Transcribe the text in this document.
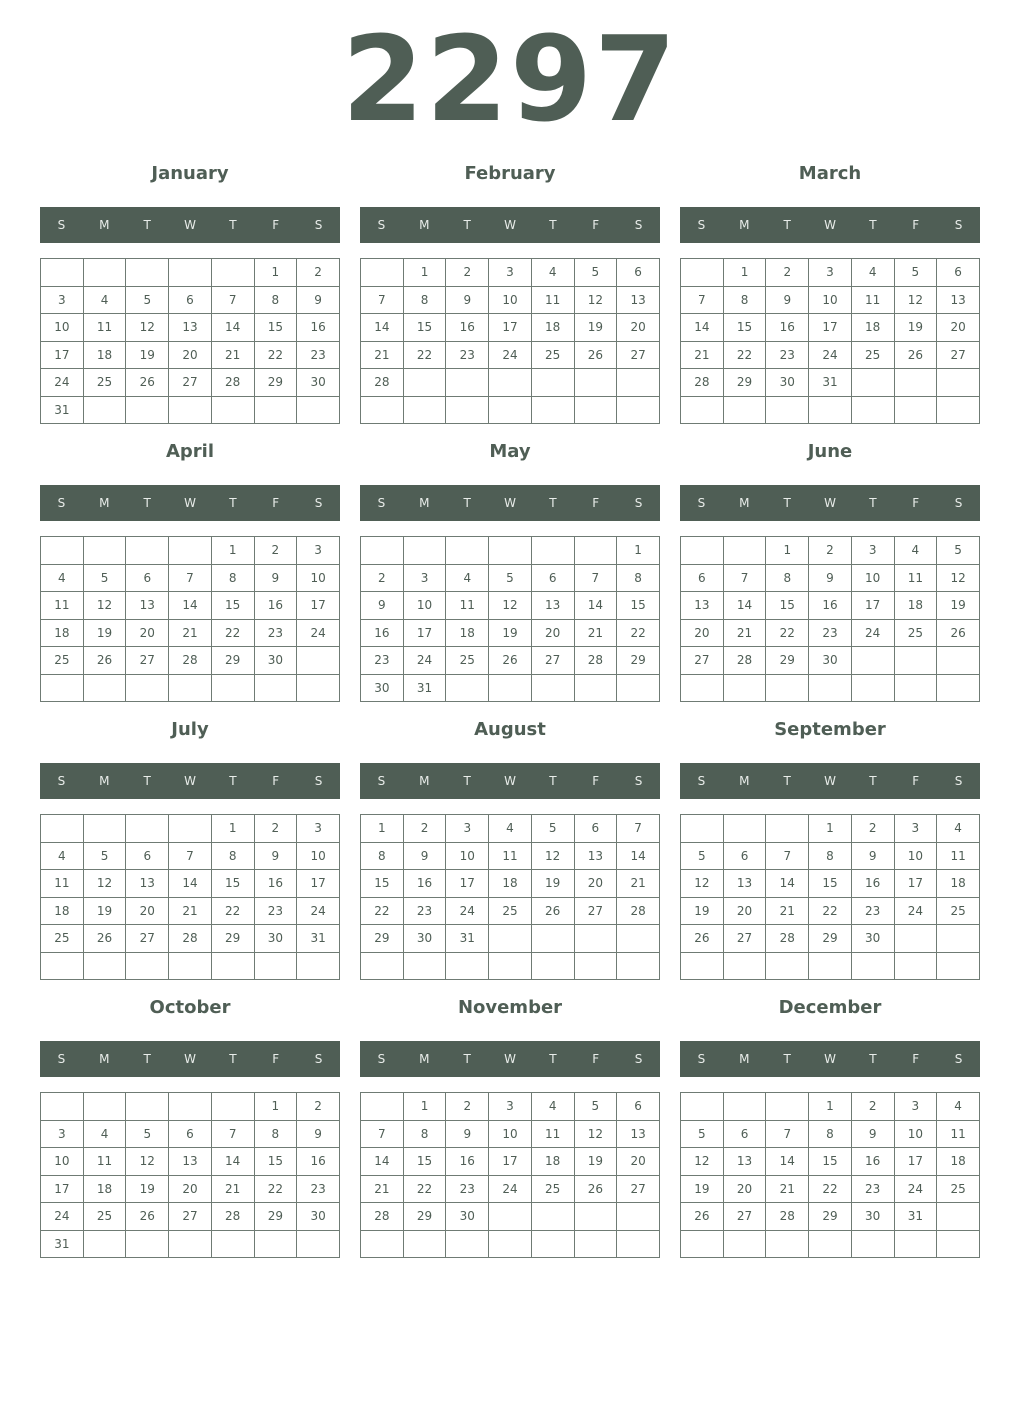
2297
January
S	M	T	W	T	F	S
					1	2
3	4	5	6	7	8	9
10	11	12	13	14	15	16
17	18	19	20	21	22	23
24	25	26	27	28	29	30
31						
February
S	M	T	W	T	F	S
	1	2	3	4	5	6
7	8	9	10	11	12	13
14	15	16	17	18	19	20
21	22	23	24	25	26	27
28						

March
S	M	T	W	T	F	S
	1	2	3	4	5	6
7	8	9	10	11	12	13
14	15	16	17	18	19	20
21	22	23	24	25	26	27
28	29	30	31			

April
S	M	T	W	T	F	S
				1	2	3
4	5	6	7	8	9	10
11	12	13	14	15	16	17
18	19	20	21	22	23	24
25	26	27	28	29	30	

May
S	M	T	W	T	F	S
						1
2	3	4	5	6	7	8
9	10	11	12	13	14	15
16	17	18	19	20	21	22
23	24	25	26	27	28	29
30	31					
June
S	M	T	W	T	F	S
		1	2	3	4	5
6	7	8	9	10	11	12
13	14	15	16	17	18	19
20	21	22	23	24	25	26
27	28	29	30			

July
S	M	T	W	T	F	S
				1	2	3
4	5	6	7	8	9	10
11	12	13	14	15	16	17
18	19	20	21	22	23	24
25	26	27	28	29	30	31

August
S	M	T	W	T	F	S
1	2	3	4	5	6	7
8	9	10	11	12	13	14
15	16	17	18	19	20	21
22	23	24	25	26	27	28
29	30	31				

September
S	M	T	W	T	F	S
			1	2	3	4
5	6	7	8	9	10	11
12	13	14	15	16	17	18
19	20	21	22	23	24	25
26	27	28	29	30		

October
S	M	T	W	T	F	S
					1	2
3	4	5	6	7	8	9
10	11	12	13	14	15	16
17	18	19	20	21	22	23
24	25	26	27	28	29	30
31						
November
S	M	T	W	T	F	S
	1	2	3	4	5	6
7	8	9	10	11	12	13
14	15	16	17	18	19	20
21	22	23	24	25	26	27
28	29	30				

December
S	M	T	W	T	F	S
			1	2	3	4
5	6	7	8	9	10	11
12	13	14	15	16	17	18
19	20	21	22	23	24	25
26	27	28	29	30	31	
